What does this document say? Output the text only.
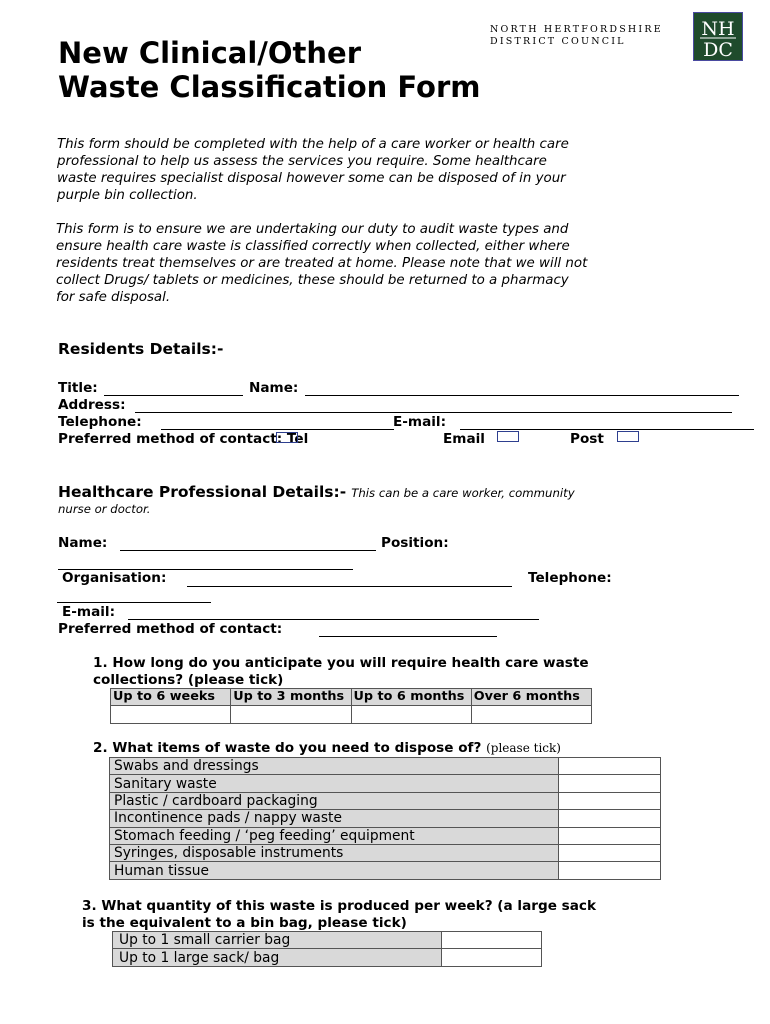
New Clinical/Other
Waste Classification Form
NORTH HERTFORDSHIRE
DISTRICT COUNCIL
NH
DC
This form should be completed with the help of a care worker or health care
professional to help us assess the services you require. Some healthcare
waste requires specialist disposal however some can be disposed of in your
purple bin collection.
This form is to ensure we are undertaking our duty to audit waste types and
ensure health care waste is classified correctly when collected, either where
residents treat themselves or are treated at home. Please note that we will not
collect Drugs/ tablets or medicines, these should be returned to a pharmacy
for safe disposal.
Residents Details:-
Title:	Name:
Address:
Telephone:	E-mail:
Preferred method of contact: Tel	Email	Post
Healthcare Professional Details:- This can be a care worker, community
nurse or doctor.
Name:	Position:
Organisation:	Telephone:
E-mail:
Preferred method of contact:
1. How long do you anticipate you will require health care waste
collections? (please tick)
Up to 6 weeks	Up to 3 months	Up to 6 months	Over 6 months

2. What items of waste do you need to dispose of? (please tick)
Swabs and dressings	
Sanitary waste	
Plastic / cardboard packaging	
Incontinence pads / nappy waste	
Stomach feeding / ‘peg feeding’ equipment	
Syringes, disposable instruments	
Human tissue	
3. What quantity of this waste is produced per week? (a large sack
is the equivalent to a bin bag, please tick)
Up to 1 small carrier bag	
Up to 1 large sack/ bag	
